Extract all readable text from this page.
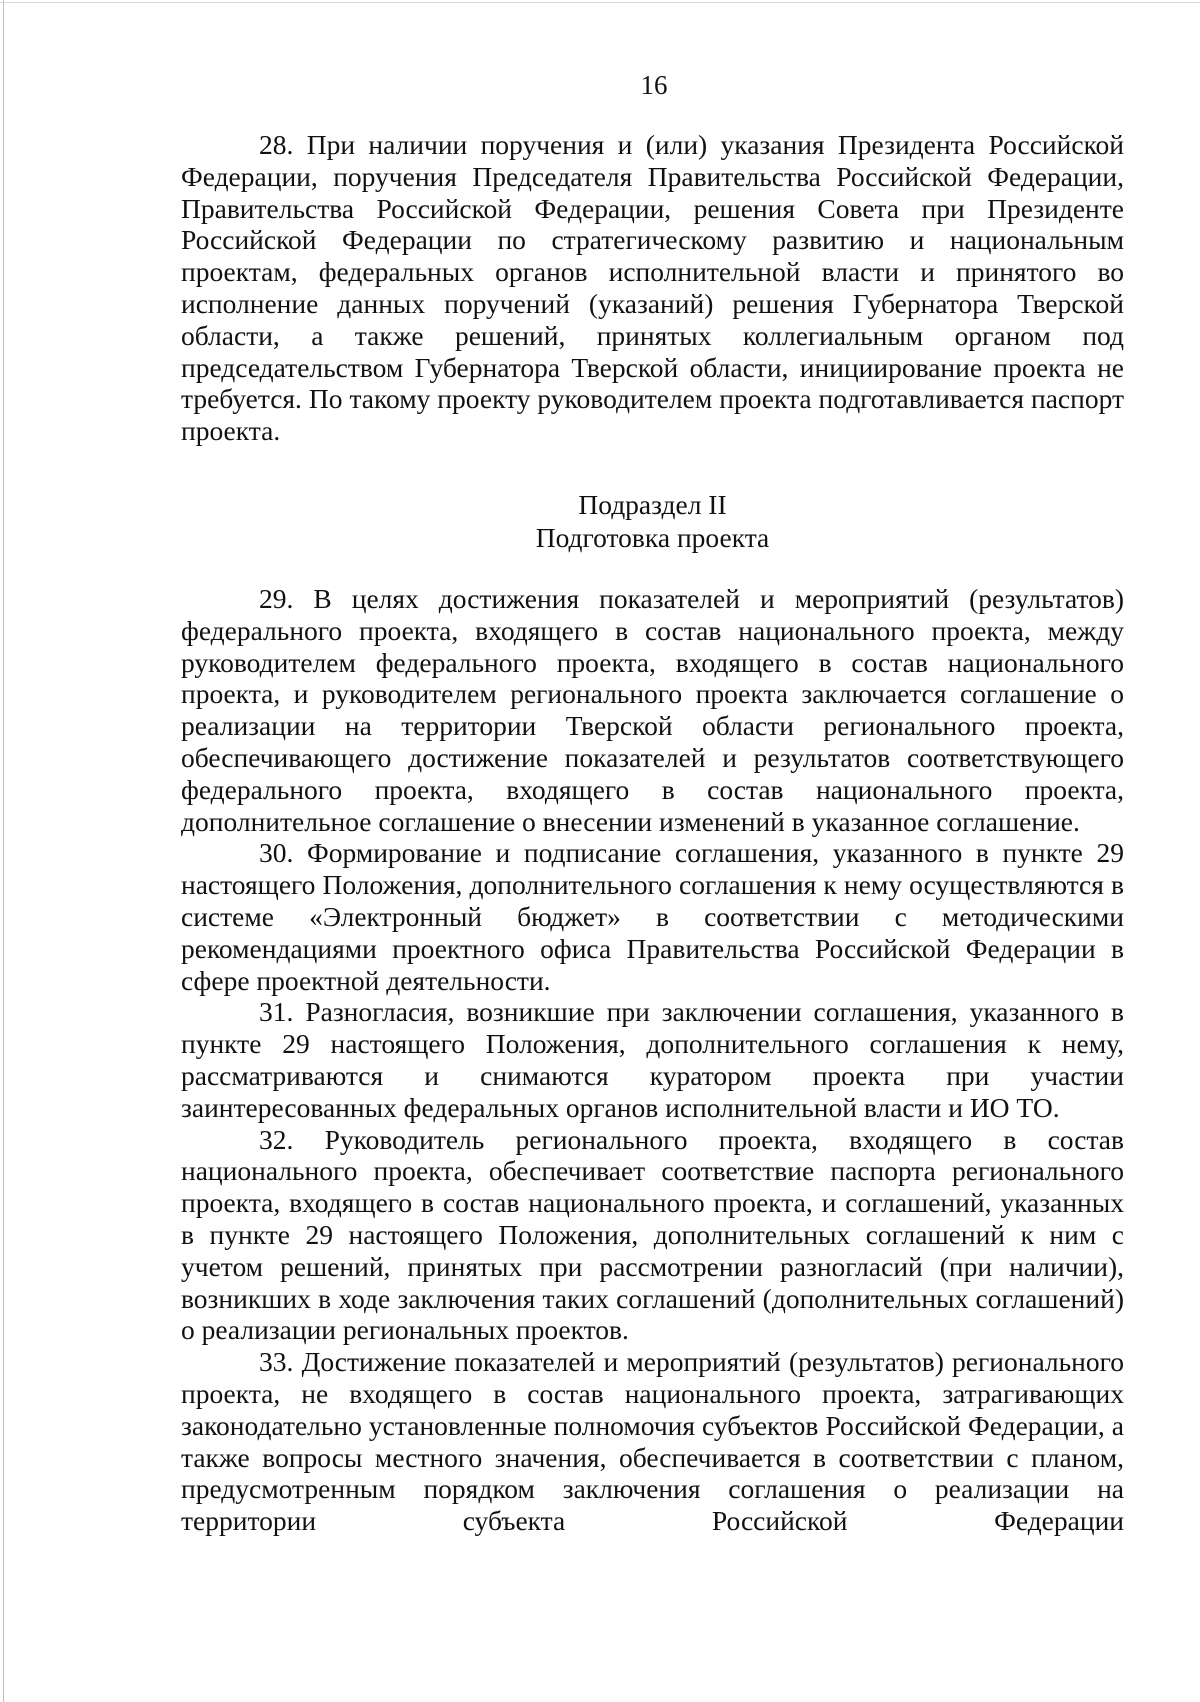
16

28. При наличии поручения и (или) указания Президента Российской Федерации, поручения Председателя Правительства Российской Федерации, Правительства Российской Федерации, решения Совета при Президенте Российской Федерации по стратегическому развитию и национальным проектам, федеральных органов исполнительной власти и принятого во исполнение данных поручений (указаний) решения Губернатора Тверской области, а также решений, принятых коллегиальным органом под председательством Губернатора Тверской области, инициирование проекта не требуется. По такому проекту руководителем проекта подготавливается паспорт проекта.

Подраздел II
Подготовка проекта

29. В целях достижения показателей и мероприятий (результатов) федерального проекта, входящего в состав национального проекта, между руководителем федерального проекта, входящего в состав национального проекта, и руководителем регионального проекта заключается соглашение о реализации на территории Тверской области регионального проекта, обеспечивающего достижение показателей и результатов соответствующего федерального проекта, входящего в состав национального проекта, дополнительное соглашение о внесении изменений в указанное соглашение.

30. Формирование и подписание соглашения, указанного в пункте 29 настоящего Положения, дополнительного соглашения к нему осуществляются в системе «Электронный бюджет» в соответствии с методическими рекомендациями проектного офиса Правительства Российской Федерации в сфере проектной деятельности.

31. Разногласия, возникшие при заключении соглашения, указанного в пункте 29 настоящего Положения, дополнительного соглашения к нему, рассматриваются и снимаются куратором проекта при участии заинтересованных федеральных органов исполнительной власти и ИО ТО.

32. Руководитель регионального проекта, входящего в состав национального проекта, обеспечивает соответствие паспорта регионального проекта, входящего в состав национального проекта, и соглашений, указанных в пункте 29 настоящего Положения, дополнительных соглашений к ним с учетом решений, принятых при рассмотрении разногласий (при наличии), возникших в ходе заключения таких соглашений (дополнительных соглашений) о реализации региональных проектов.

33. Достижение показателей и мероприятий (результатов) регионального проекта, не входящего в состав национального проекта, затрагивающих законодательно установленные полномочия субъектов Российской Федерации, а также вопросы местного значения, обеспечивается в соответствии с планом, предусмотренным порядком заключения соглашения о реализации на территории субъекта Российской Федерации
